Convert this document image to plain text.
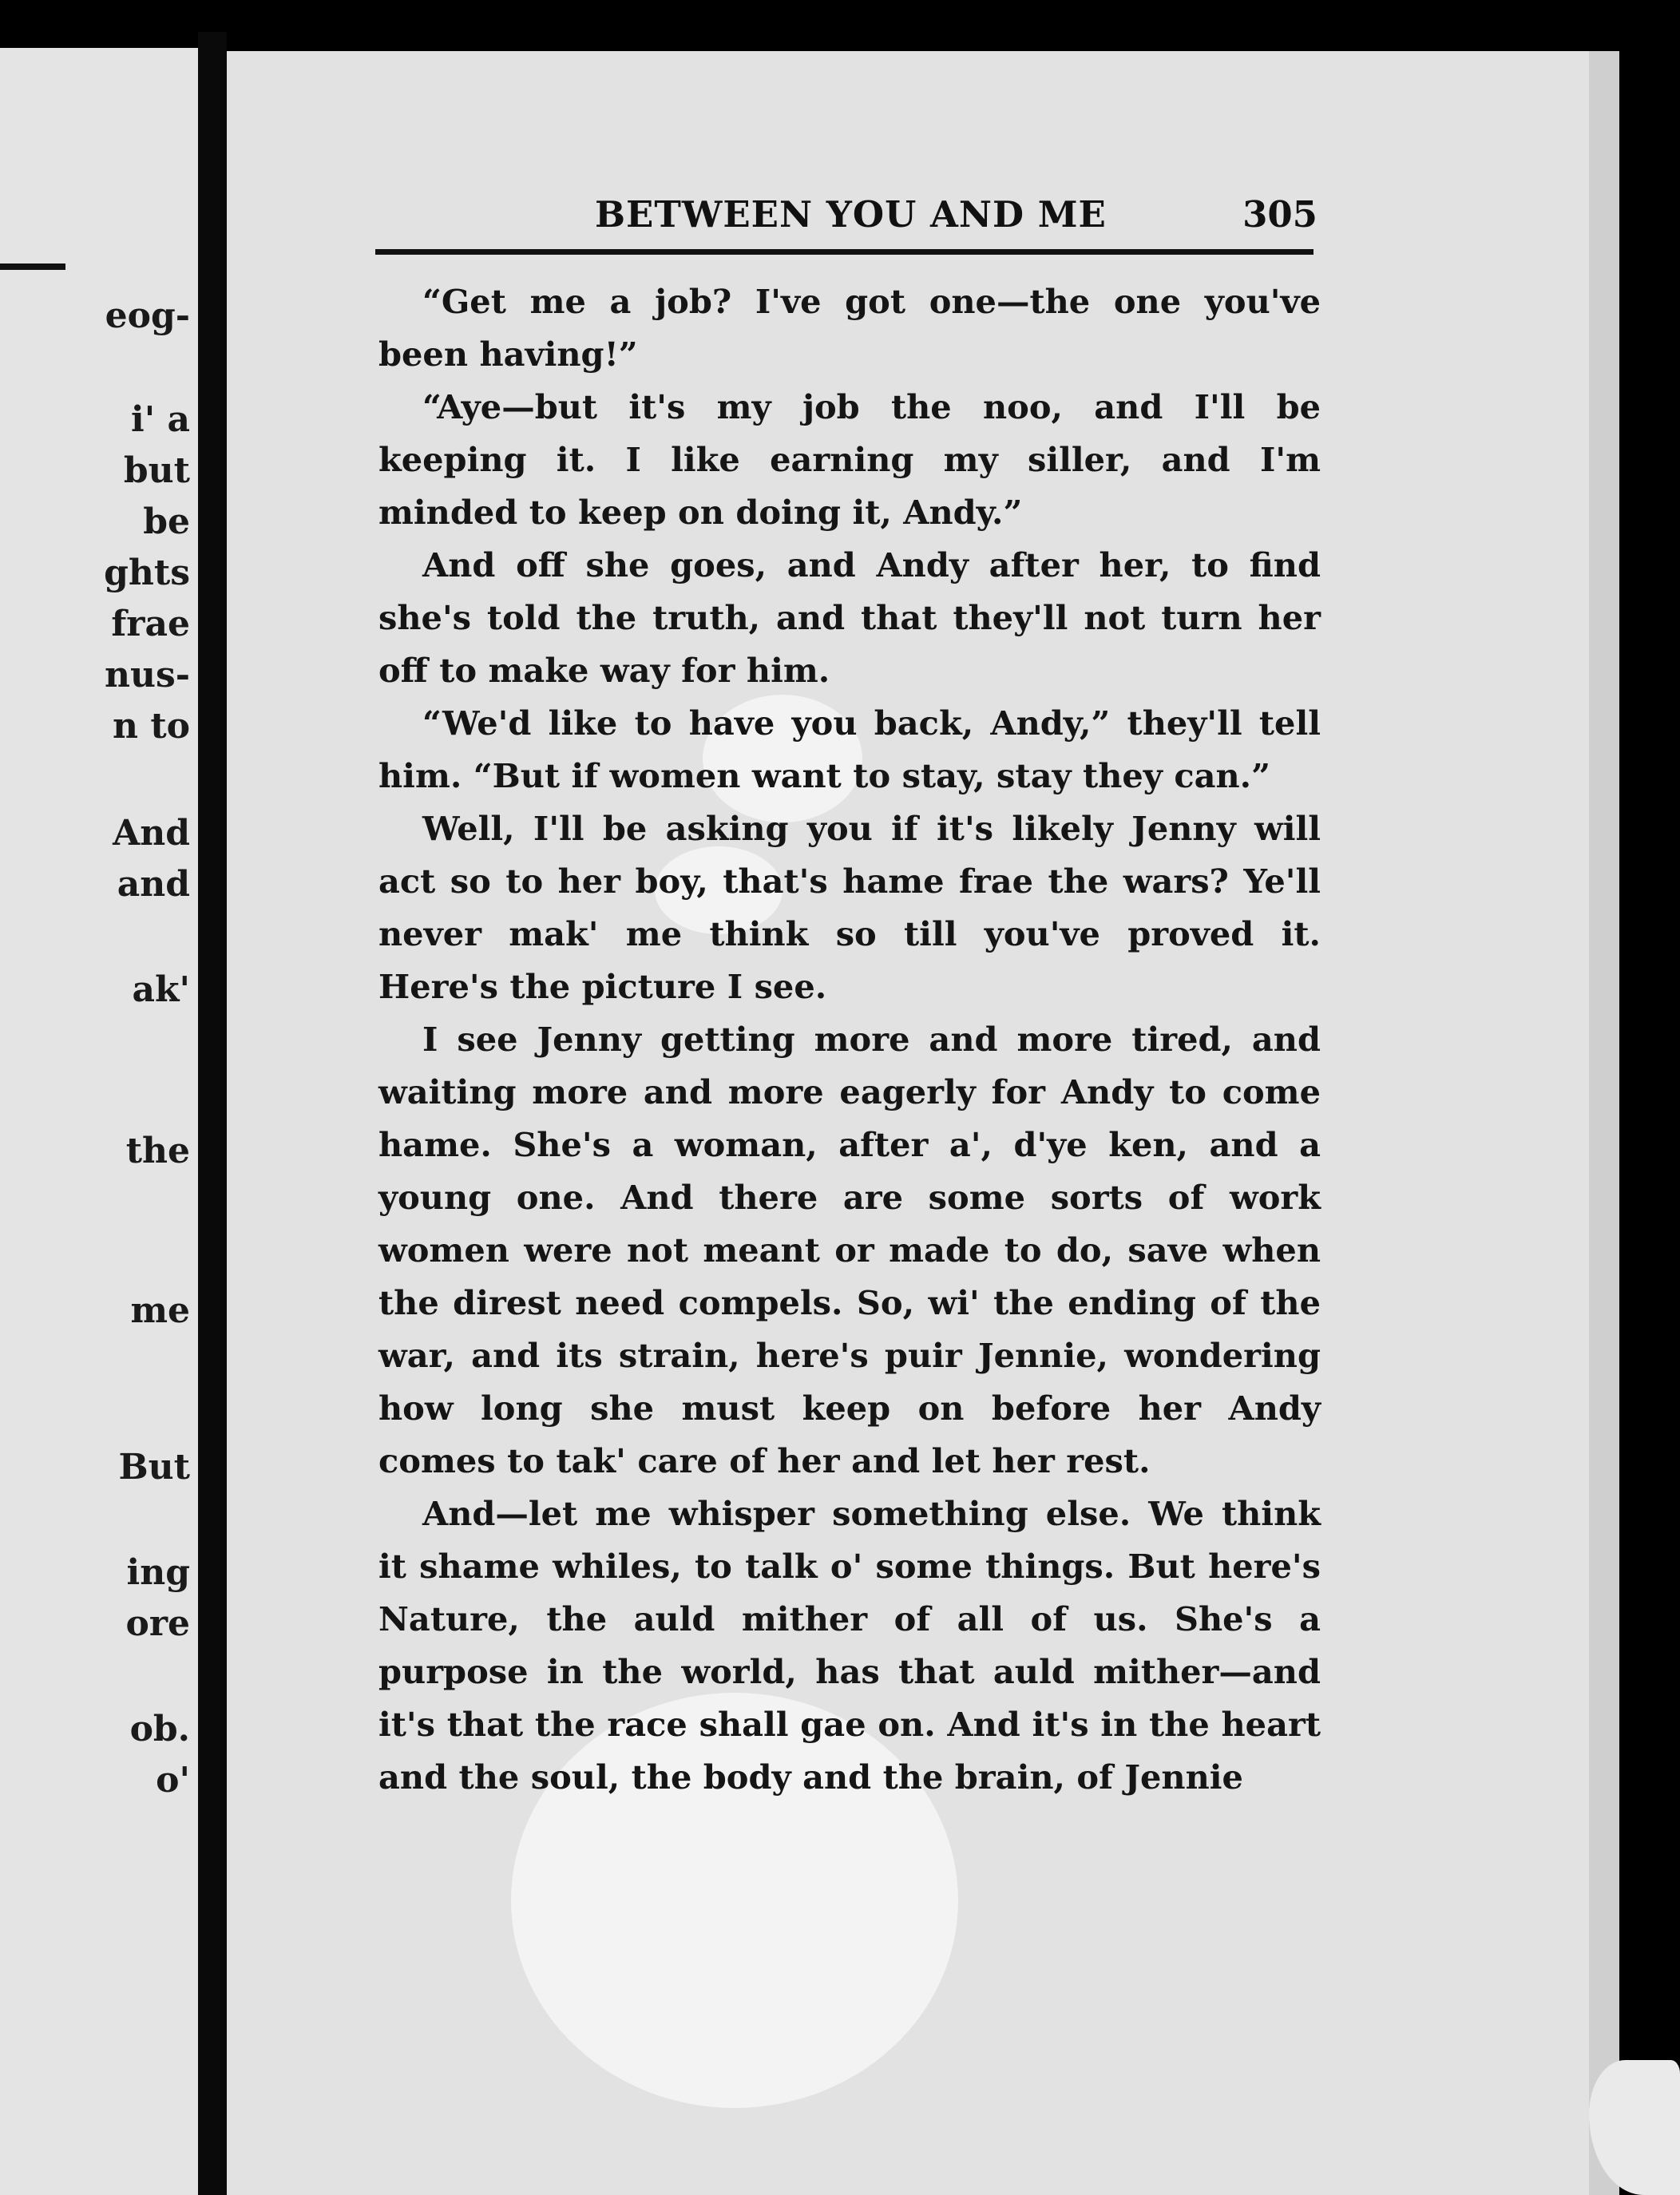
eog-
i' a
but
be
ghts
frae
nus-
n to
And
and
ak'
the
me
But
ing
ore
ob.
o'
BETWEEN YOU AND ME	305

“Get me a job? I've got one—the one you've been having!”

“Aye—but it's my job the noo, and I'll be keeping it. I like earning my siller, and I'm minded to keep on doing it, Andy.”

And off she goes, and Andy after her, to find she's told the truth, and that they'll not turn her off to make way for him.

“We'd like to have you back, Andy,” they'll tell him. “But if women want to stay, stay they can.”

Well, I'll be asking you if it's likely Jenny will act so to her boy, that's hame frae the wars? Ye'll never mak' me think so till you've proved it. Here's the picture I see.

I see Jenny getting more and more tired, and waiting more and more eagerly for Andy to come hame. She's a woman, after a', d'ye ken, and a young one. And there are some sorts of work women were not meant or made to do, save when the direst need compels. So, wi' the ending of the war, and its strain, here's puir Jennie, wondering how long she must keep on before her Andy comes to tak' care of her and let her rest.

And—let me whisper something else. We think it shame whiles, to talk o' some things. But here's Nature, the auld mither of all of us. She's a purpose in the world, has that auld mither—and it's that the race shall gae on. And it's in the heart and the soul, the body and the brain, of Jennie
